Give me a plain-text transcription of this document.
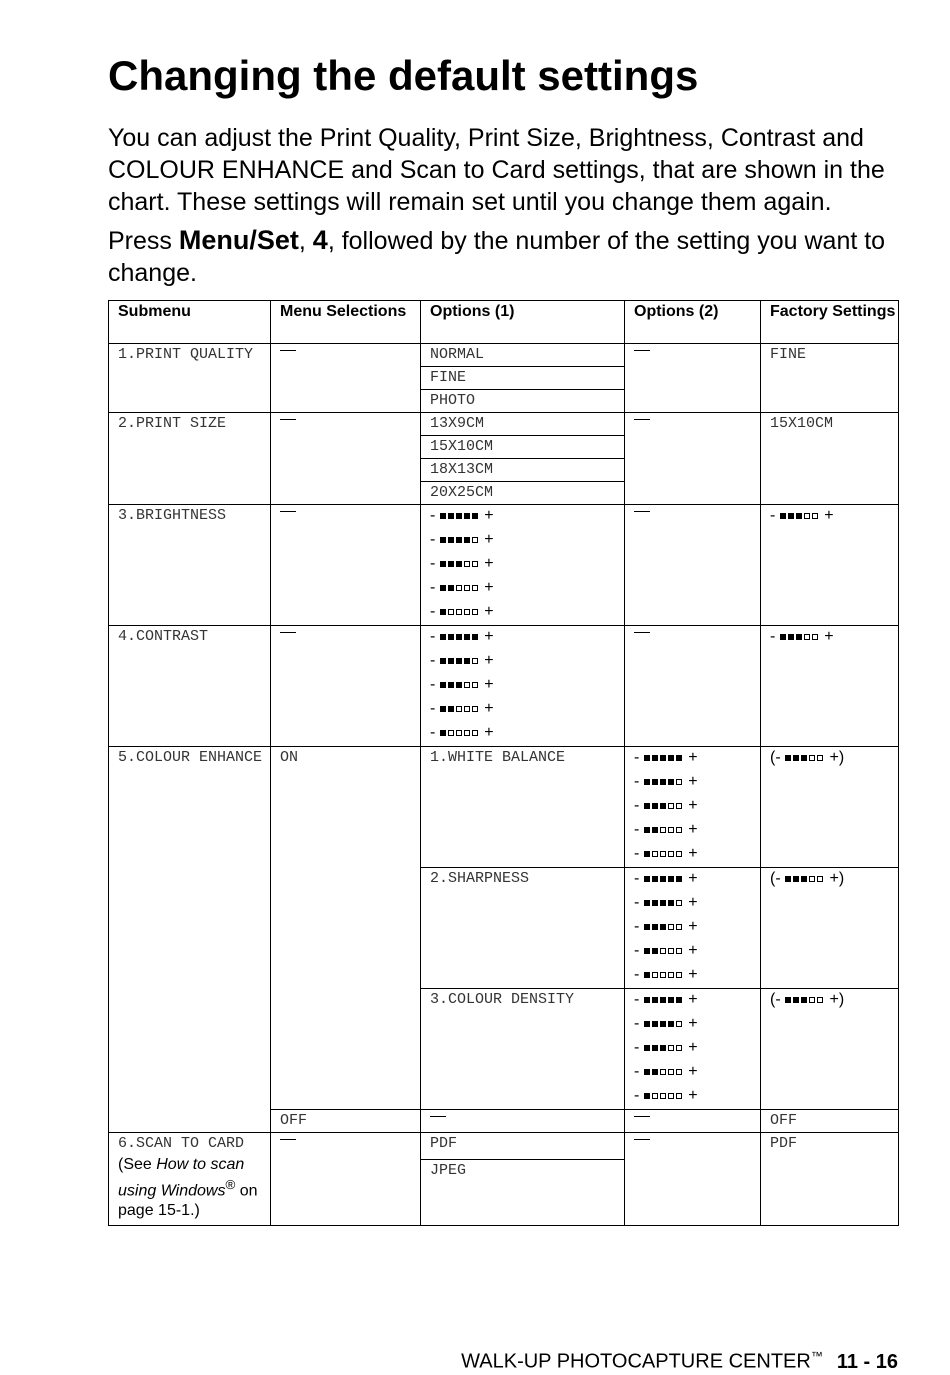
Changing the default settings

You can adjust the Print Quality, Print Size, Brightness, Contrast and COLOUR ENHANCE and Scan to Card settings, that are shown in the chart. These settings will remain set until you change them again.

Press Menu/Set, 4, followed by the number of the setting you want to change.

Submenu	Menu Selections	Options (1)	Options (2)	Factory Settings
1.PRINT QUALITY		NORMAL		FINE
		FINE		
		PHOTO		
2.PRINT SIZE		13X9CM		15X10CM
		15X10CM		
		18X13CM		
		20X25CM		
3.BRIGHTNESS		- +
- +
- +
- +
- +		- +

4.CONTRAST		- +
- +
- +
- +
- +		- +

5.COLOUR ENHANCE	ON	1.WHITE BALANCE	- +
- +
- +
- +
- +	(- +)

		2.SHARPNESS	- +
- +
- +
- +
- +	(- +)

		3.COLOUR DENSITY	- +
- +
- +
- +
- +	(- +)

	OFF			OFF

6.SCAN TO CARD
(See How to scan using Windows® on page 15-1.)		PDF		PDF
		JPEG		
WALK-UP PHOTOCAPTURE CENTER™ 11 - 16
